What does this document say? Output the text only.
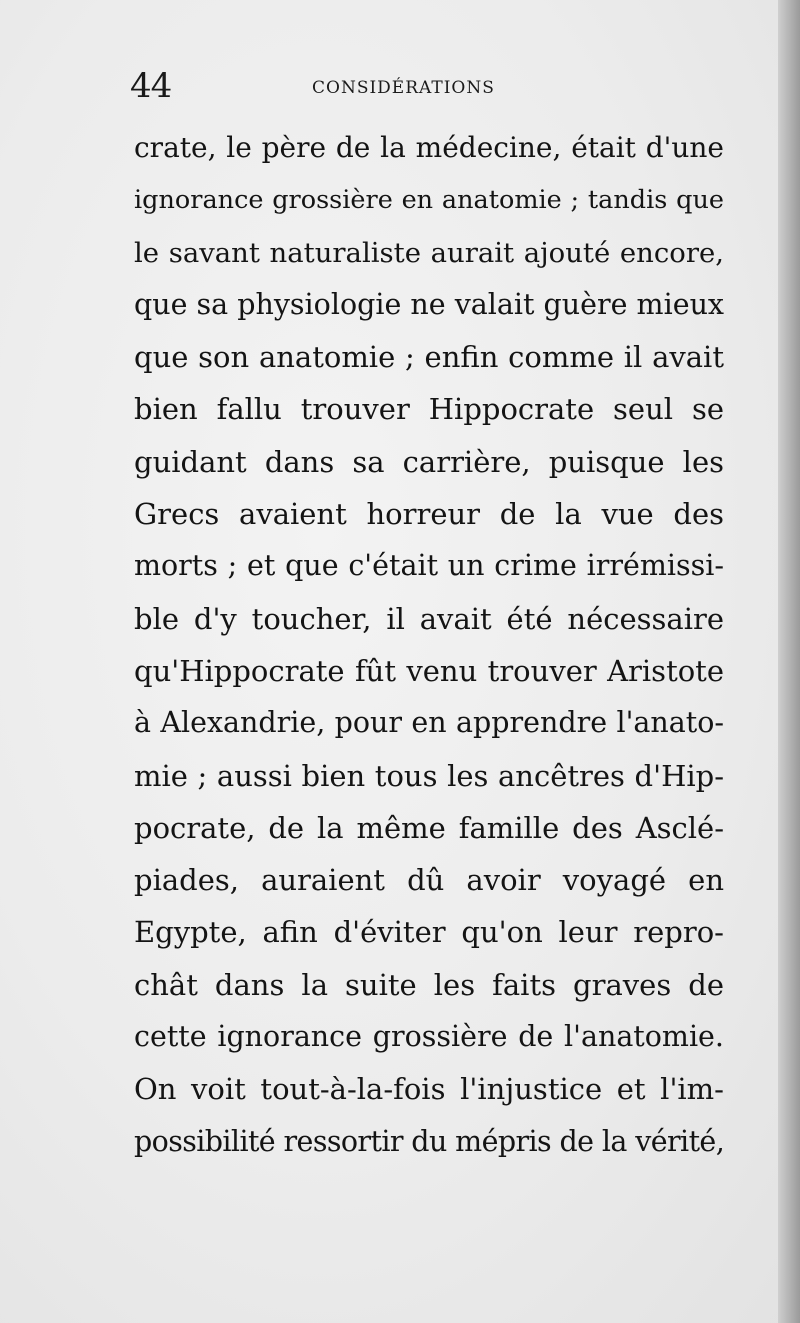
44	CONSIDÉRATIONS
crate, le père de la médecine, était d'une
ignorance grossière en anatomie ; tandis que
le savant naturaliste aurait ajouté encore,
que sa physiologie ne valait guère mieux
que son anatomie ; enfin comme il avait
bien fallu trouver Hippocrate seul se
guidant dans sa carrière, puisque les
Grecs avaient horreur de la vue des
morts ; et que c'était un crime irrémissi-
ble d'y toucher, il avait été nécessaire
qu'Hippocrate fût venu trouver Aristote
à Alexandrie, pour en apprendre l'anato-
mie ; aussi bien tous les ancêtres d'Hip-
pocrate, de la même famille des Asclé-
piades, auraient dû avoir voyagé en
Egypte, afin d'éviter qu'on leur repro-
chât dans la suite les faits graves de
cette ignorance grossière de l'anatomie.
On voit tout-à-la-fois l'injustice et l'im-
possibilité ressortir du mépris de la vérité,
